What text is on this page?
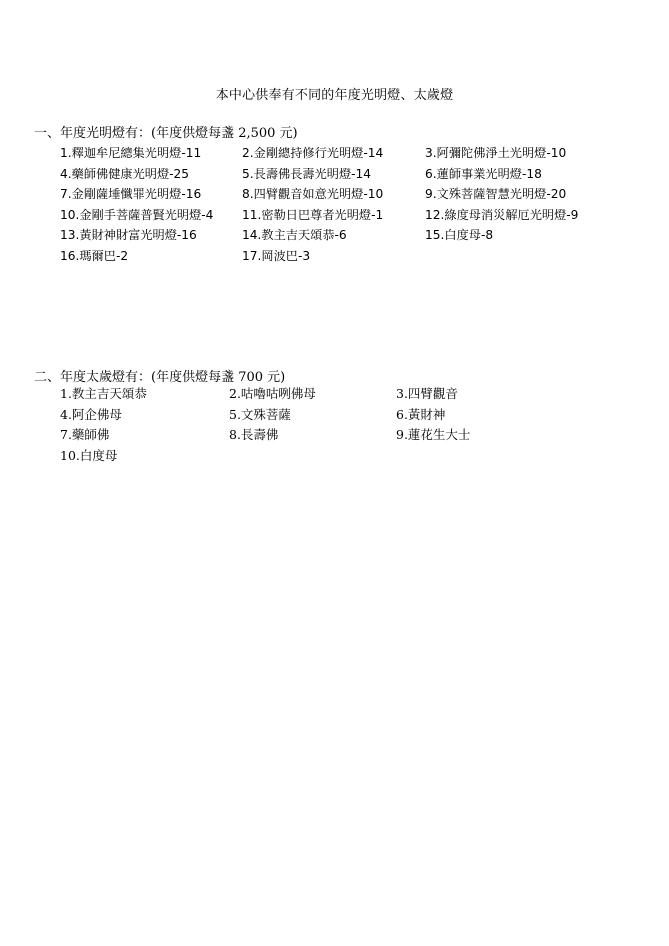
本中心供奉有不同的年度光明燈、太歲燈
一、年度光明燈有：(年度供燈每盞 2,500 元)
1.釋迦牟尼總集光明燈-11	2.金剛總持修行光明燈-14	3.阿彌陀佛淨土光明燈-10
4.藥師佛健康光明燈-25	5.長壽佛長壽光明燈-14	6.蓮師事業光明燈-18
7.金剛薩埵懺罪光明燈-16	8.四臂觀音如意光明燈-10	9.文殊菩薩智慧光明燈-20
10.金剛手菩薩普賢光明燈-4	11.密勒日巴尊者光明燈-1	12.綠度母消災解厄光明燈-9
13.黃財神財富光明燈-16	14.教主吉天頌恭-6	15.白度母-8
16.瑪爾巴-2	17.岡波巴-3
二、年度太歲燈有：(年度供燈每盞 700 元)
1.教主吉天頌恭	2.咕嚕咕咧佛母	3.四臂觀音
4.阿企佛母	5.文殊菩薩	6.黃財神
7.藥師佛	8.長壽佛	9.蓮花生大士
10.白度母
